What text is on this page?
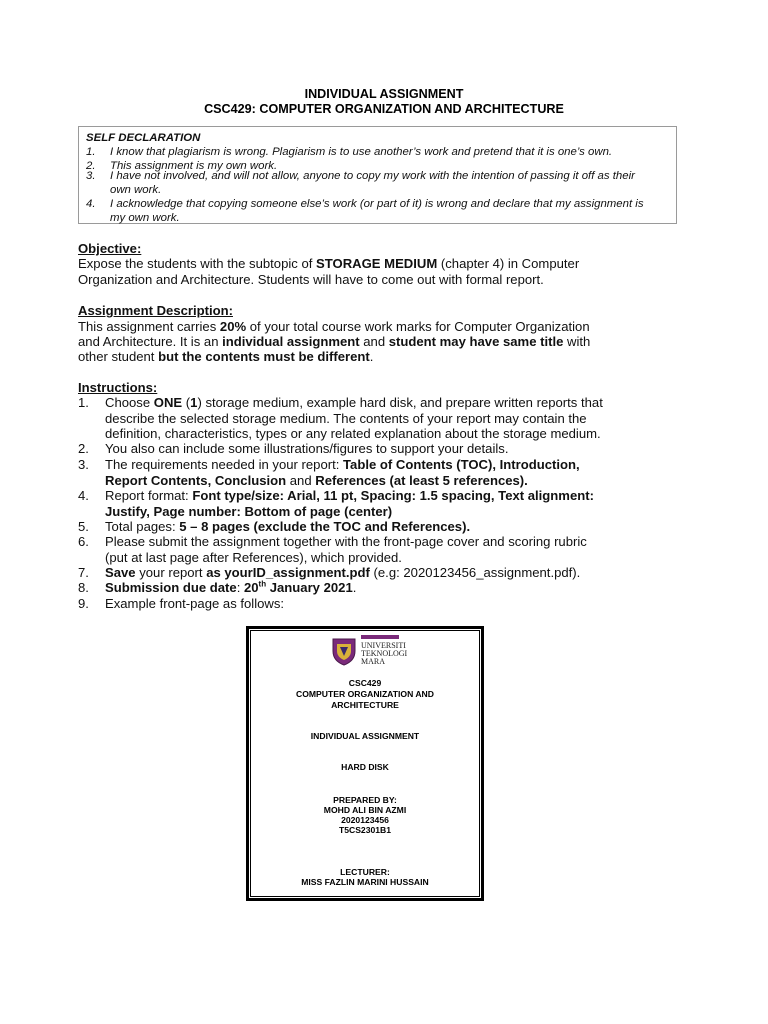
INDIVIDUAL ASSIGNMENT
CSC429: COMPUTER ORGANIZATION AND ARCHITECTURE
SELF DECLARATION
1. I know that plagiarism is wrong. Plagiarism is to use another’s work and pretend that it is one’s own.
2. This assignment is my own work.
3. I have not involved, and will not allow, anyone to copy my work with the intention of passing it off as their
own work.
4. I acknowledge that copying someone else’s work (or part of it) is wrong and declare that my assignment is
my own work.
Objective:
Expose the students with the subtopic of STORAGE MEDIUM (chapter 4) in Computer
Organization and Architecture. Students will have to come out with formal report.
Assignment Description:
This assignment carries 20% of your total course work marks for Computer Organization
and Architecture. It is an individual assignment and student may have same title with
other student but the contents must be different.
Instructions:
1. Choose ONE (1) storage medium, example hard disk, and prepare written reports that
describe the selected storage medium. The contents of your report may contain the
definition, characteristics, types or any related explanation about the storage medium.
2. You also can include some illustrations/figures to support your details.
3. The requirements needed in your report: Table of Contents (TOC), Introduction,
Report Contents, Conclusion and References (at least 5 references).
4. Report format: Font type/size: Arial, 11 pt, Spacing: 1.5 spacing, Text alignment:
Justify, Page number: Bottom of page (center)
5. Total pages: 5 – 8 pages (exclude the TOC and References).
6. Please submit the assignment together with the front-page cover and scoring rubric
(put at last page after References), which provided.
7. Save your report as yourID_assignment.pdf (e.g: 2020123456_assignment.pdf).
8. Submission due date: 20th January 2021.
9. Example front-page as follows:
UNIVERSITI
TEKNOLOGI
MARA
CSC429
COMPUTER ORGANIZATION AND
ARCHITECTURE
INDIVIDUAL ASSIGNMENT
HARD DISK
PREPARED BY:
MOHD ALI BIN AZMI
2020123456
T5CS2301B1
LECTURER:
MISS FAZLIN MARINI HUSSAIN
